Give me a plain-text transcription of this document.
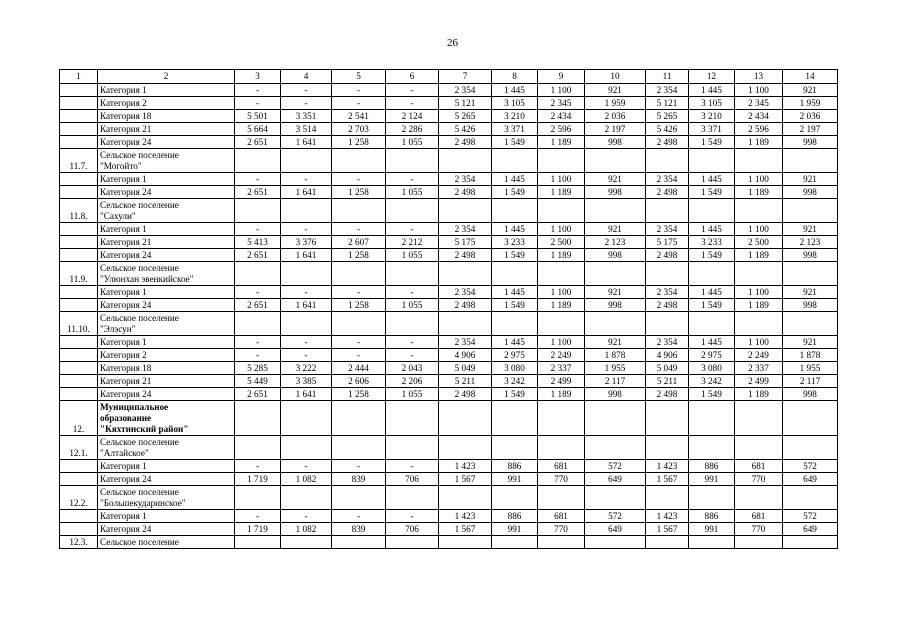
26
1	2	3	4	5	6	7	8	9	10	11	12	13	14
	Категория 1	-	-	-	-	2 354	1 445	1 100	921	2 354	1 445	1 100	921
	Категория 2	-	-	-	-	5 121	3 105	2 345	1 959	5 121	3 105	2 345	1 959
	Категория 18	5 501	3 351	2 541	2 124	5 265	3 210	2 434	2 036	5 265	3 210	2 434	2 036
	Категория 21	5 664	3 514	2 703	2 286	5 426	3 371	2 596	2 197	5 426	3 371	2 596	2 197
	Категория 24	2 651	1 641	1 258	1 055	2 498	1 549	1 189	998	2 498	1 549	1 189	998
11.7.	Сельское поселение
"Могойто"												

	Категория 1	-	-	-	-	2 354	1 445	1 100	921	2 354	1 445	1 100	921
	Категория 24	2 651	1 641	1 258	1 055	2 498	1 549	1 189	998	2 498	1 549	1 189	998
11.8.	Сельское поселение
"Сахули"												

	Категория 1	-	-	-	-	2 354	1 445	1 100	921	2 354	1 445	1 100	921
	Категория 21	5 413	3 376	2 607	2 212	5 175	3 233	2 500	2 123	5 175	3 233	2 500	2 123
	Категория 24	2 651	1 641	1 258	1 055	2 498	1 549	1 189	998	2 498	1 549	1 189	998
11.9.	Сельское поселение
"Улюнхан эвенкийское"												

	Категория 1	-	-	-	-	2 354	1 445	1 100	921	2 354	1 445	1 100	921
	Категория 24	2 651	1 641	1 258	1 055	2 498	1 549	1 189	998	2 498	1 549	1 189	998
11.10.	Сельское поселение
"Элэсун"												

	Категория 1	-	-	-	-	2 354	1 445	1 100	921	2 354	1 445	1 100	921
	Категория 2	-	-	-	-	4 906	2 975	2 249	1 878	4 906	2 975	2 249	1 878
	Категория 18	5 285	3 222	2 444	2 043	5 049	3 080	2 337	1 955	5 049	3 080	2 337	1 955
	Категория 21	5 449	3 385	2 606	2 206	5 211	3 242	2 499	2 117	5 211	3 242	2 499	2 117
	Категория 24	2 651	1 641	1 258	1 055	2 498	1 549	1 189	998	2 498	1 549	1 189	998
12.	Муниципальное
образование
"Кяхтинский район"												

12.1.	Сельское поселение
"Алтайское"												

	Категория 1	-	-	-	-	1 423	886	681	572	1 423	886	681	572
	Категория 24	1 719	1 082	839	706	1 567	991	770	649	1 567	991	770	649
12.2.	Сельское поселение
"Большекударинское"												

	Категория 1	-	-	-	-	1 423	886	681	572	1 423	886	681	572
	Категория 24	1 719	1 082	839	706	1 567	991	770	649	1 567	991	770	649
12.3.	Сельское поселение												
